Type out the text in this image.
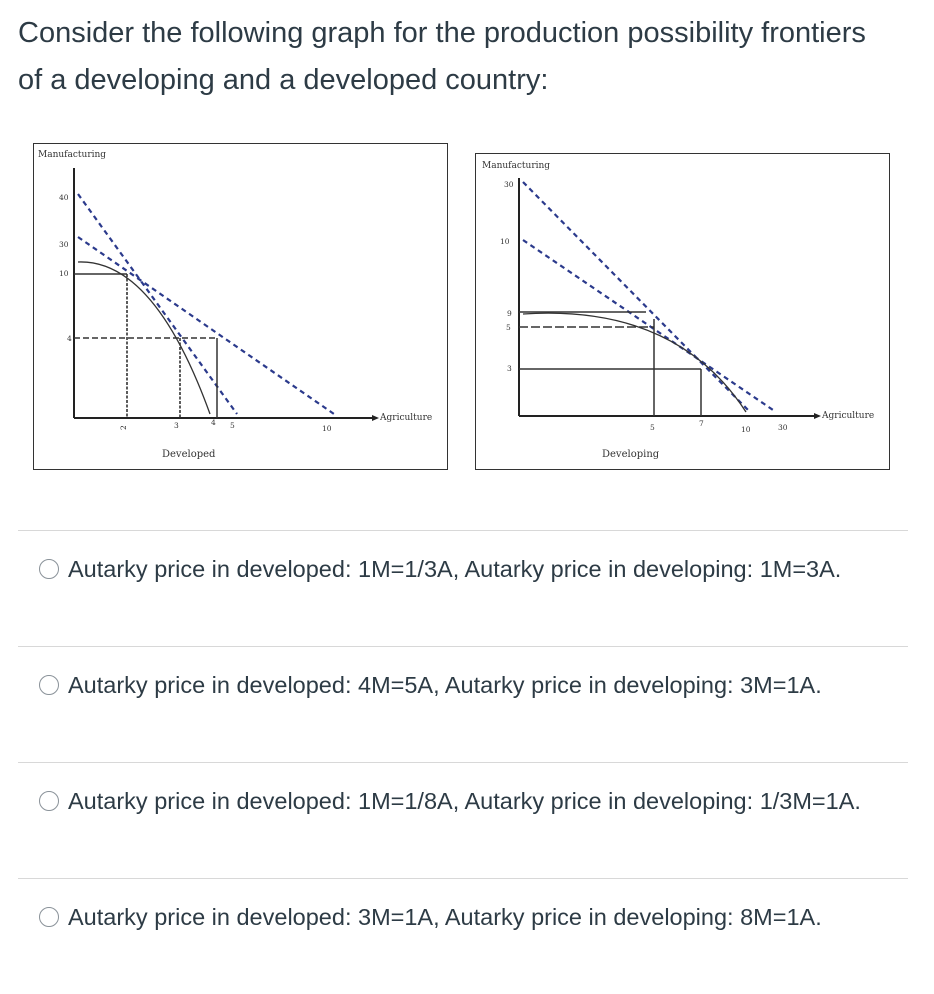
Consider the following graph for the production possibility frontiers of a developing and a developed country:

Manufacturing
Agriculture
40
30
10
4
2	3	4 5	10
Developed
Manufacturing
Agriculture
30
10
9
5
3
5	7
10	30
Developing

Autarky price in developed: 1M=1/3A, Autarky price in developing: 1M=3A.

Autarky price in developed: 4M=5A, Autarky price in developing: 3M=1A.

Autarky price in developed: 1M=1/8A, Autarky price in developing: 1/3M=1A.

Autarky price in developed: 3M=1A, Autarky price in developing: 8M=1A.
